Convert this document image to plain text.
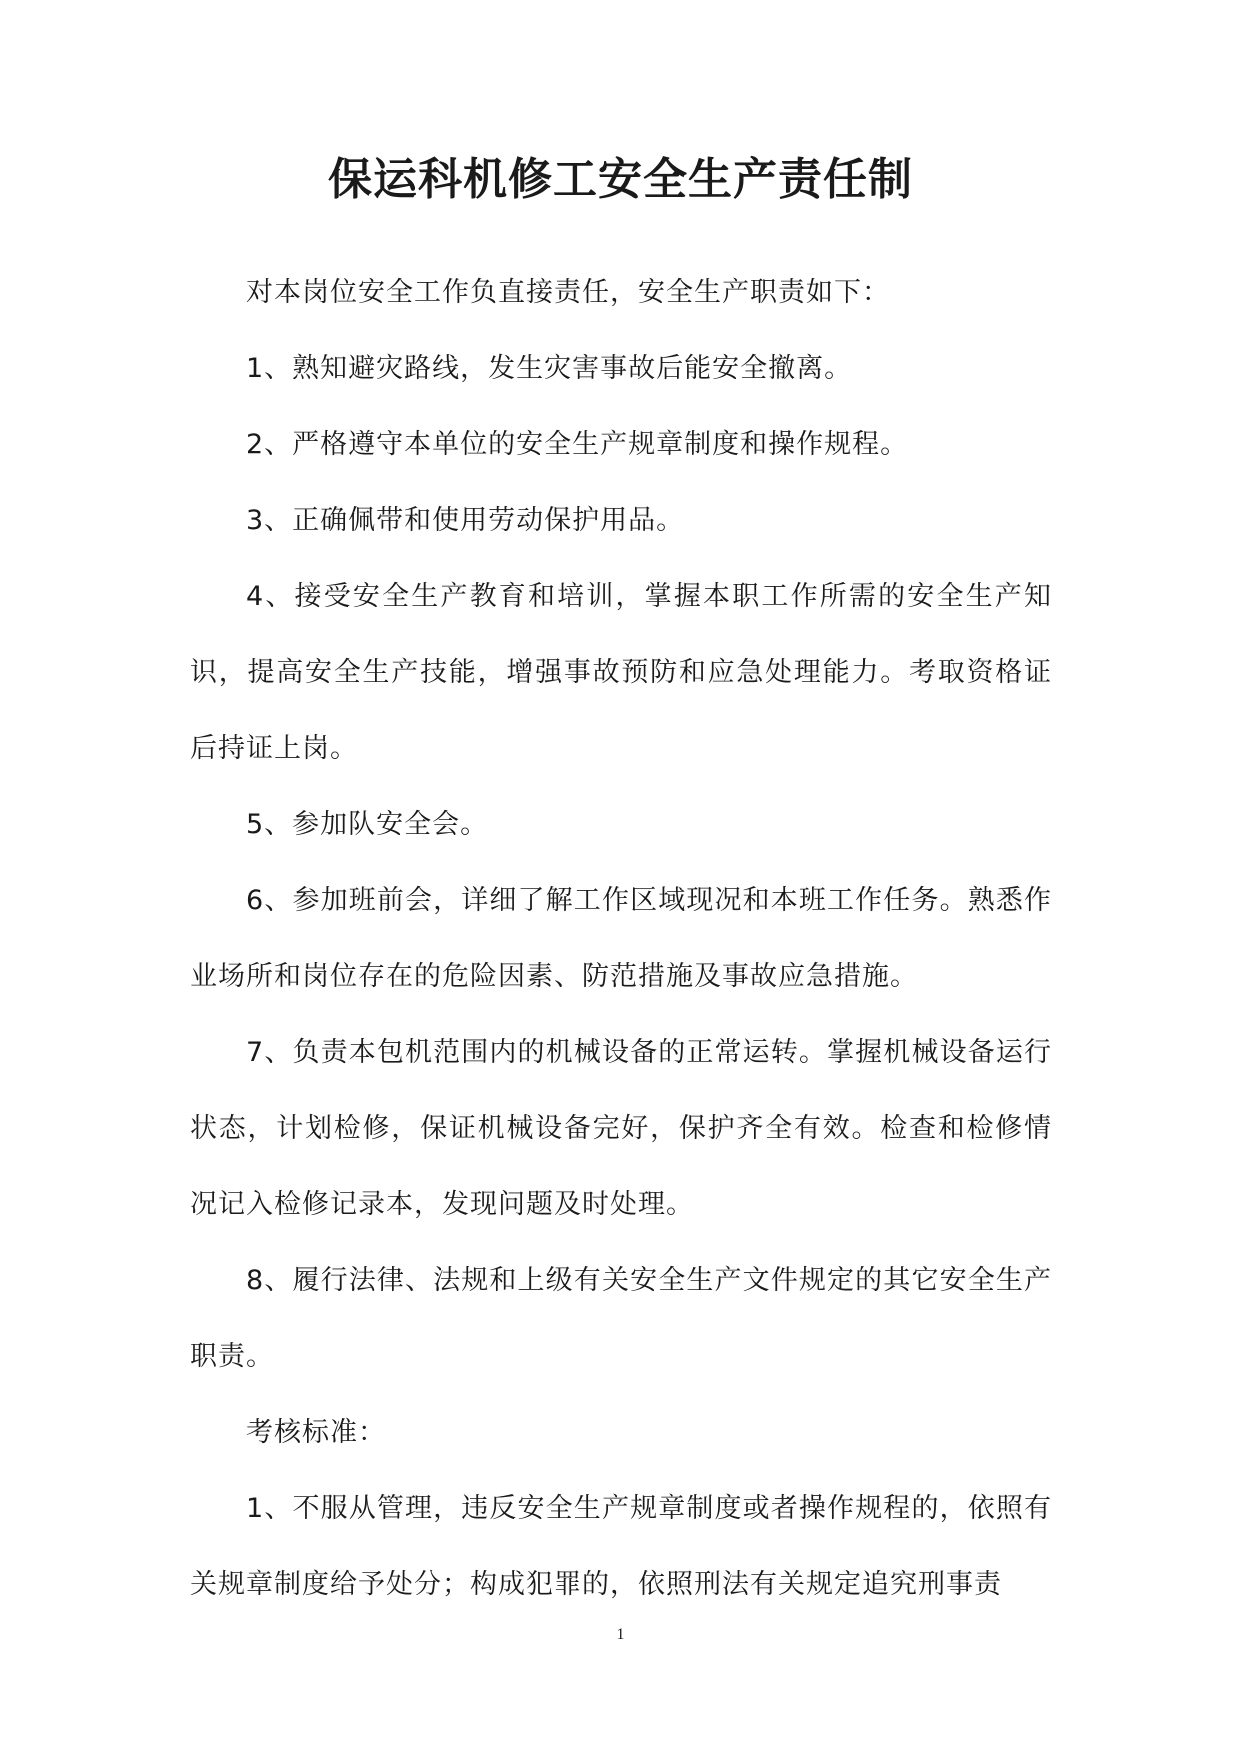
保运科机修工安全生产责任制

对本岗位安全工作负直接责任，安全生产职责如下：

1、熟知避灾路线，发生灾害事故后能安全撤离。

2、严格遵守本单位的安全生产规章制度和操作规程。

3、正确佩带和使用劳动保护用品。

4、接受安全生产教育和培训，掌握本职工作所需的安全生产知识，提高安全生产技能，增强事故预防和应急处理能力。考取资格证后持证上岗。

5、参加队安全会。

6、参加班前会，详细了解工作区域现况和本班工作任务。熟悉作业场所和岗位存在的危险因素、防范措施及事故应急措施。

7、负责本包机范围内的机械设备的正常运转。掌握机械设备运行状态，计划检修，保证机械设备完好，保护齐全有效。检查和检修情况记入检修记录本，发现问题及时处理。

8、履行法律、法规和上级有关安全生产文件规定的其它安全生产职责。

考核标准：

1、不服从管理，违反安全生产规章制度或者操作规程的，依照有关规章制度给予处分；构成犯罪的，依照刑法有关规定追究刑事责

1
